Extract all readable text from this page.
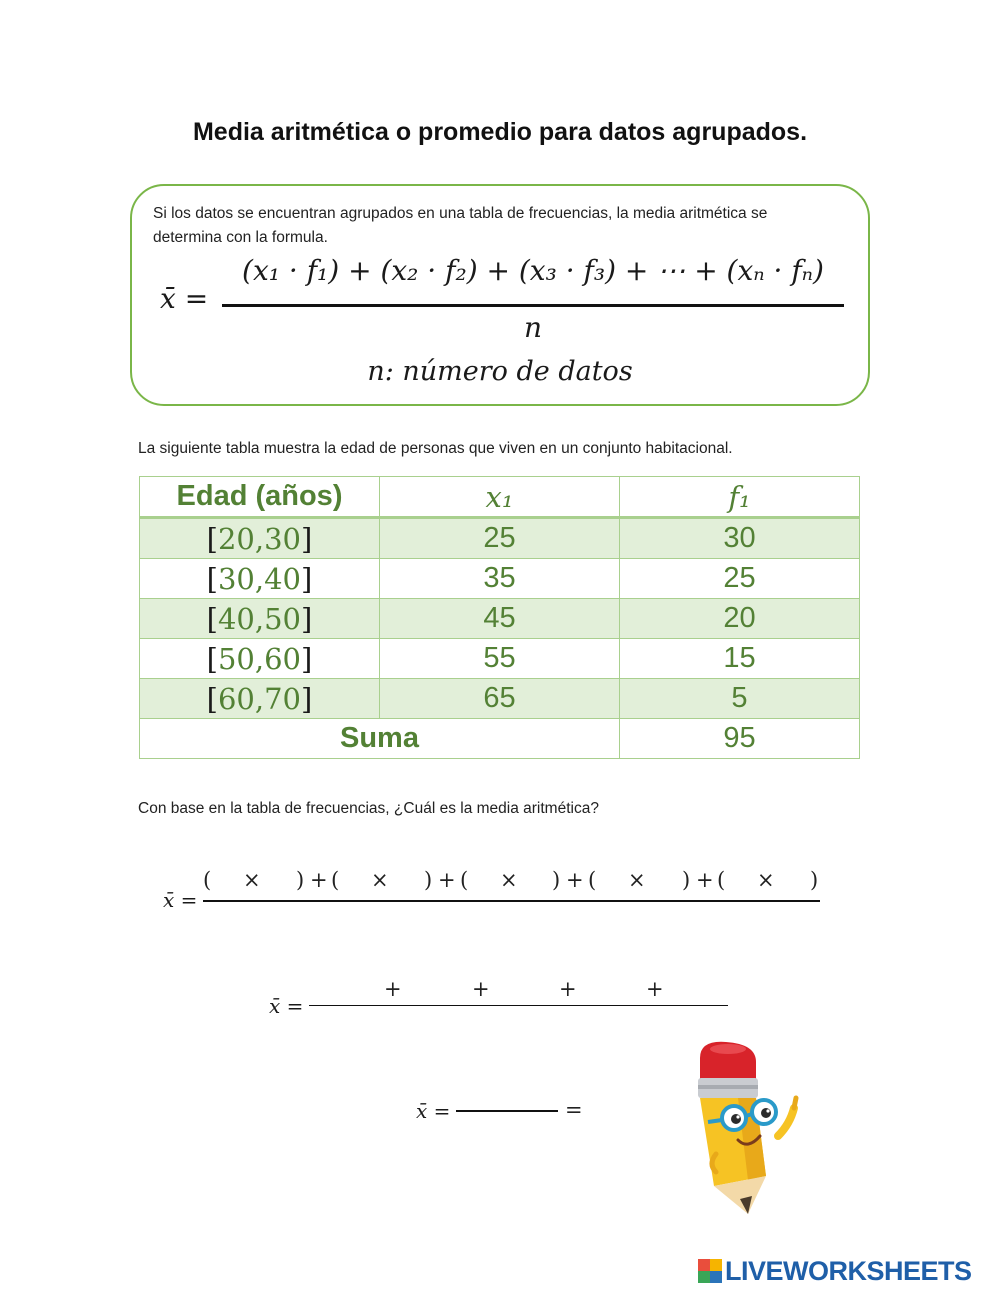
Media aritmética o promedio para datos agrupados.
Si los datos se encuentran agrupados en una tabla de frecuencias, la media aritmética se determina con la formula.
x̄ =
(x₁ · f₁) + (x₂ · f₂) + (x₃ · f₃) + ⋯ + (xₙ · fₙ)
n
n: número de datos
La siguiente tabla muestra la edad de personas que viven en un conjunto habitacional.
Edad (años)	x₁	f₁
[20,30]	25	30
[30,40]	35	25
[40,50]	45	20
[50,60]	55	15
[60,70]	65	5
Suma		95
Con base en la tabla de frecuencias, ¿Cuál es la media aritmética?
x̄ =
( × ) + ( × ) + ( × ) + ( × ) + ( × )
x̄ =
+	+	+	+
x̄ =	=
LIVEWORKSHEETS
